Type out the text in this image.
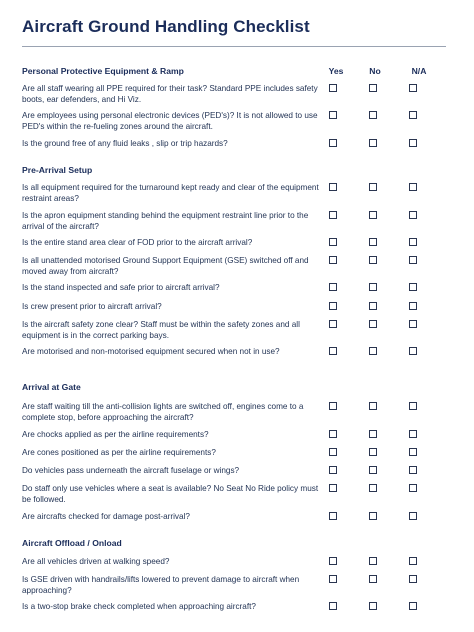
Aircraft Ground Handling Checklist
Yes	No	N/A
Personal Protective Equipment & Ramp
Are all staff wearing all PPE required for their task? Standard PPE includes safety boots, ear defenders, and Hi Viz.
Are employees using personal electronic devices (PED's)? It is not allowed to use PED's within the re-fueling zones around the aircraft.
Is the ground free of any fluid leaks , slip or trip hazards?
Pre-Arrival Setup
Is all equipment required for the turnaround kept ready and clear of the equipment restraint areas?
Is the apron equipment standing behind the equipment restraint line prior to the arrival of the aircraft?
Is the entire stand area clear of FOD prior to the aircraft arrival?
Is all unattended motorised Ground Support Equipment (GSE) switched off and moved away from aircraft?
Is the stand inspected and safe prior to aircraft arrival?
Is crew present prior to aircraft arrival?
Is the aircraft safety zone clear? Staff must be within the safety zones and all equipment is in the correct parking bays.
Are motorised and non-motorised equipment secured when not in use?
Arrival at Gate
Are staff waiting till the anti-collision lights are switched off, engines come to a complete stop, before approaching the aircraft?
Are chocks applied as per the airline requirements?
Are cones positioned as per the airline requirements?
Do vehicles pass underneath the aircraft fuselage or wings?
Do staff only use vehicles where a seat is available? No Seat No Ride policy must be followed.
Are aircrafts checked for damage post-arrival?
Aircraft Offload / Onload
Are all vehicles driven at walking speed?
Is GSE driven with handrails/lifts lowered to prevent damage to aircraft when approaching?
Is a two-stop brake check completed when approaching aircraft?
